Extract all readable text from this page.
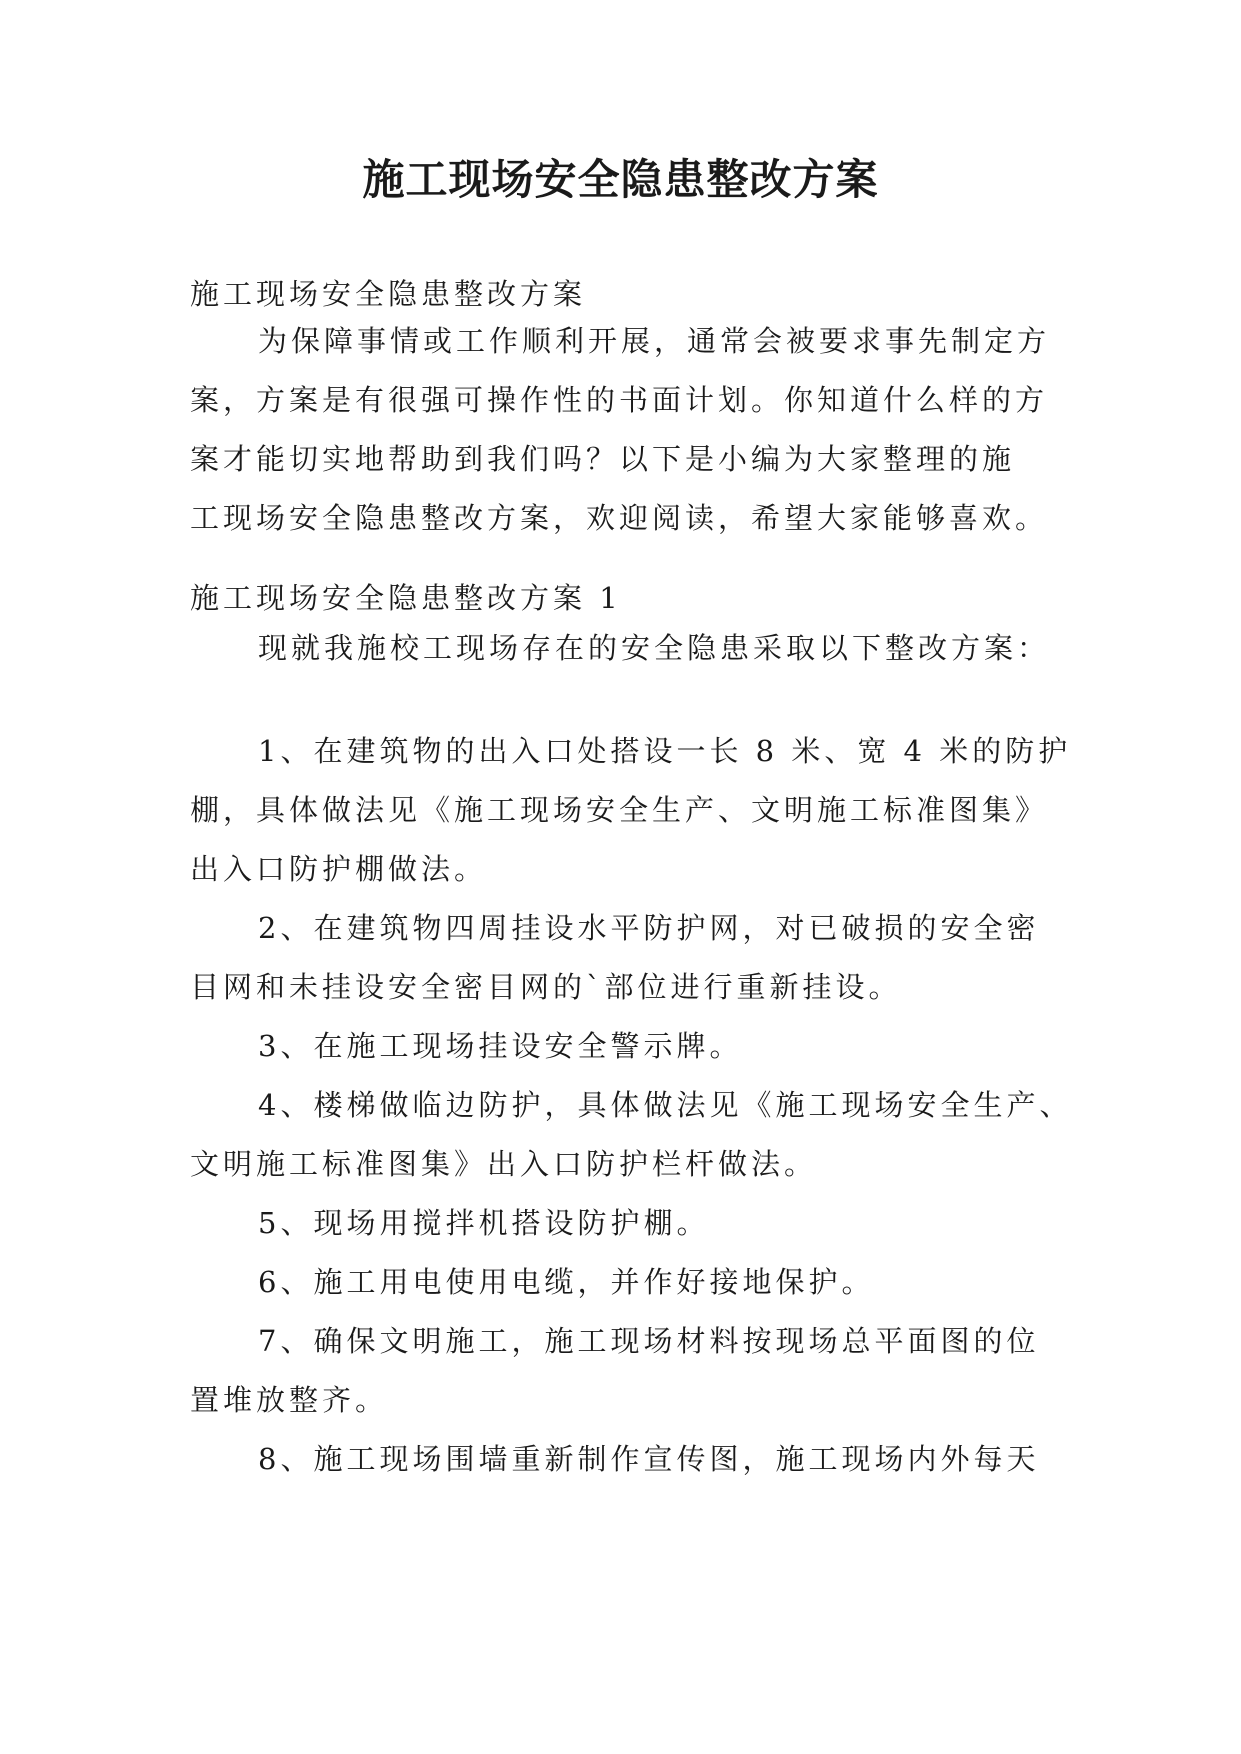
施工现场安全隐患整改方案
施工现场安全隐患整改方案
为保障事情或工作顺利开展，通常会被要求事先制定方
案，方案是有很强可操作性的书面计划。你知道什么样的方
案才能切实地帮助到我们吗？以下是小编为大家整理的施
工现场安全隐患整改方案，欢迎阅读，希望大家能够喜欢。
施工现场安全隐患整改方案 1
现就我施校工现场存在的安全隐患采取以下整改方案：
1、在建筑物的出入口处搭设一长 8 米、宽 4 米的防护
棚，具体做法见《施工现场安全生产、文明施工标准图集》
出入口防护棚做法。
2、在建筑物四周挂设水平防护网，对已破损的安全密
目网和未挂设安全密目网的`部位进行重新挂设。
3、在施工现场挂设安全警示牌。
4、楼梯做临边防护，具体做法见《施工现场安全生产、
文明施工标准图集》出入口防护栏杆做法。
5、现场用搅拌机搭设防护棚。
6、施工用电使用电缆，并作好接地保护。
7、确保文明施工，施工现场材料按现场总平面图的位
置堆放整齐。
8、施工现场围墙重新制作宣传图，施工现场内外每天
